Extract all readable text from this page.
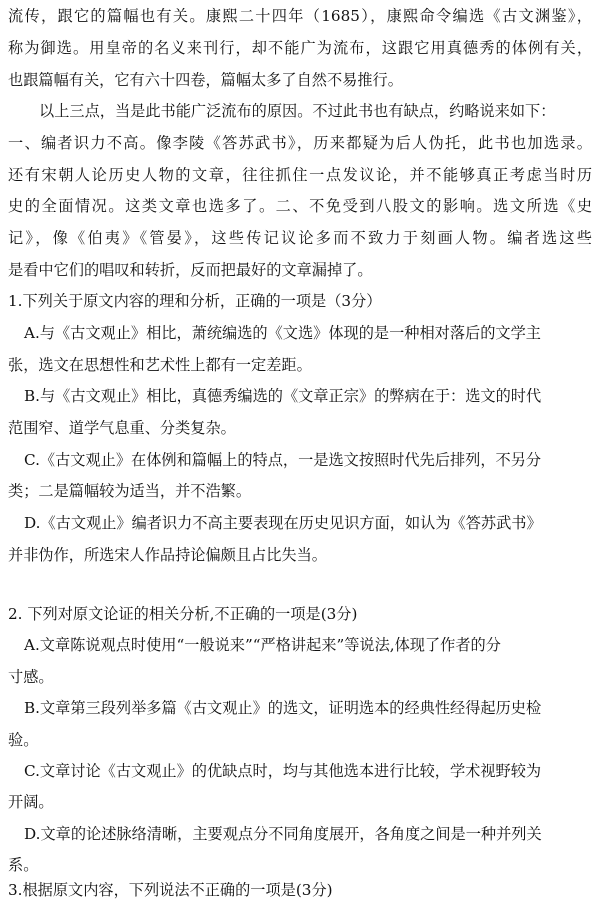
流传，跟它的篇幅也有关。康熙二十四年（1685），康熙命令编选《古文渊鉴》，
称为御选。用皇帝的名义来刊行，却不能广为流布，这跟它用真德秀的体例有关，
也跟篇幅有关，它有六十四卷，篇幅太多了自然不易推行。
以上三点，当是此书能广泛流布的原因。不过此书也有缺点，约略说来如下：
一、编者识力不高。像李陵《答苏武书》，历来都疑为后人伪托，此书也加选录。
还有宋朝人论历史人物的文章，往往抓住一点发议论，并不能够真正考虑当时历
史的全面情况。这类文章也选多了。二、不免受到八股文的影响。选文所选《史
记》，像《伯夷》《管晏》，这些传记议论多而不致力于刻画人物。编者选这些
是看中它们的唱叹和转折，反而把最好的文章漏掉了。
1.下列关于原文内容的理和分析，正确的一项是（3分）
A.与《古文观止》相比，萧统编选的《文选》体现的是一种相对落后的文学主
张，选文在思想性和艺术性上都有一定差距。
B.与《古文观止》相比，真德秀编选的《文章正宗》的弊病在于：选文的时代
范围窄、道学气息重、分类复杂。
C.《古文观止》在体例和篇幅上的特点，一是选文按照时代先后排列，不另分
类；二是篇幅较为适当，并不浩繁。
D.《古文观止》编者识力不高主要表现在历史见识方面，如认为《答苏武书》
并非伪作，所选宋人作品持论偏颇且占比失当。
2. 下列对原文论证的相关分析,不正确的一项是(3分)
A.文章陈说观点时使用“一般说来”“严格讲起来”等说法,体现了作者的分
寸感。
B.文章第三段列举多篇《古文观止》的选文，证明选本的经典性经得起历史检
验。
C.文章讨论《古文观止》的优缺点时，均与其他选本进行比较，学术视野较为
开阔。
D.文章的论述脉络清晰，主要观点分不同角度展开，各角度之间是一种并列关
系。
3.根据原文内容，下列说法不正确的一项是(3分)
